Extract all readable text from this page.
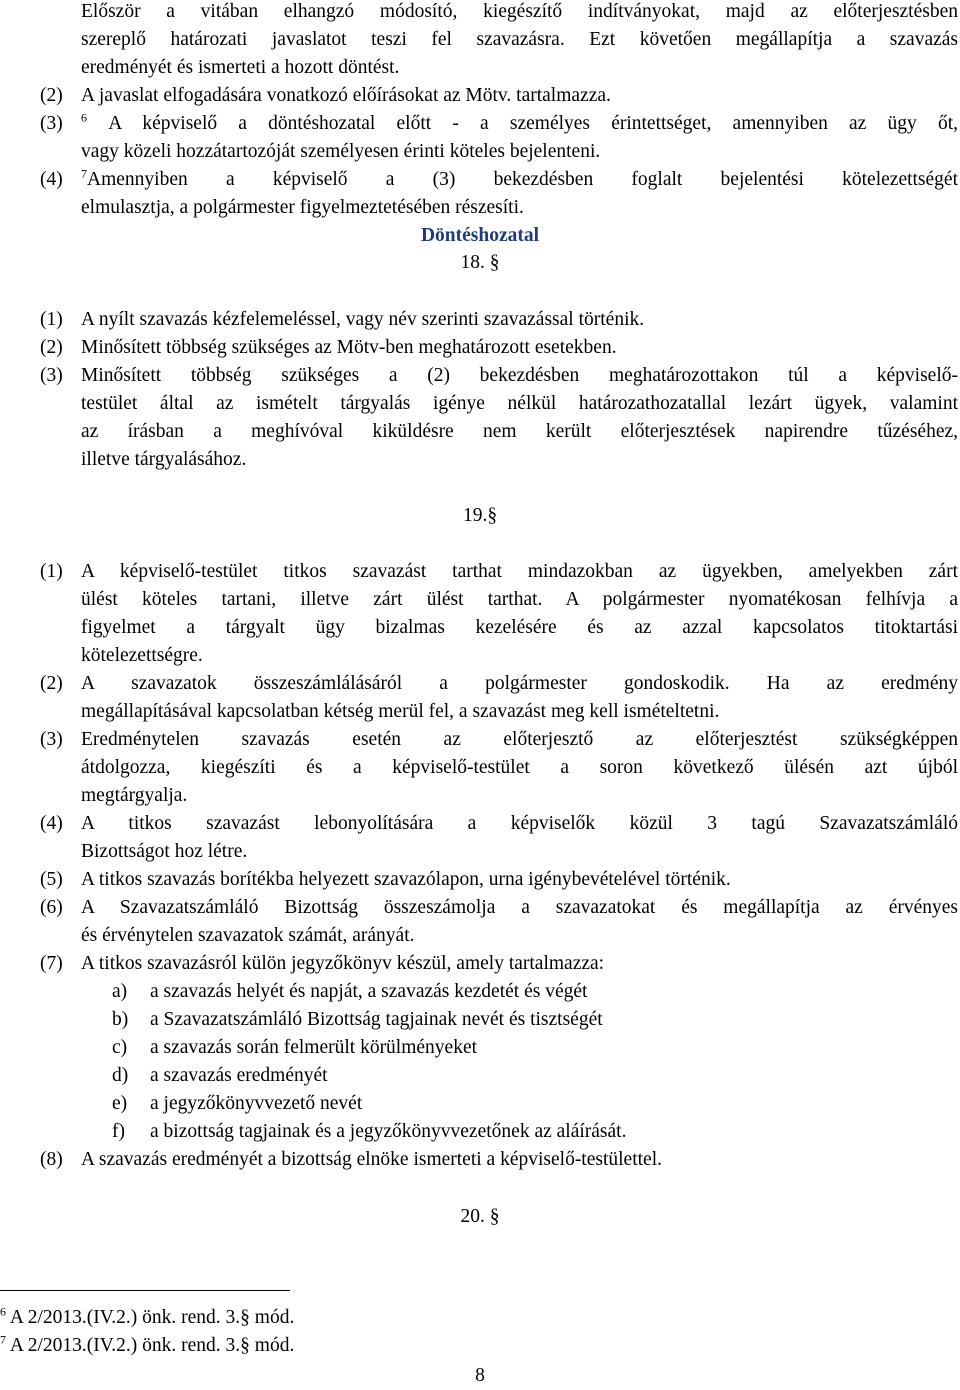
Először a vitában elhangzó módosító, kiegészítő indítványokat, majd az előterjesztésben
szereplő határozati javaslatot teszi fel szavazásra. Ezt követően megállapítja a szavazás
eredményét és ismerteti a hozott döntést.
(2) A javaslat elfogadására vonatkozó előírásokat az Mötv. tartalmazza.
(3) $^6$ A képviselő a döntéshozatal előtt - a személyes érintettséget, amennyiben az ügy őt,
vagy közeli hozzátartozóját személyesen érinti köteles bejelenteni.
(4) $^7$Amennyiben a képviselő a (3) bekezdésben foglalt bejelentési kötelezettségét
elmulasztja, a polgármester figyelmeztetésében részesíti.
Döntéshozatal
18. §
(1) A nyílt szavazás kézfelemeléssel, vagy név szerinti szavazással történik.
(2) Minősített többség szükséges az Mötv-ben meghatározott esetekben.
(3) Minősített többség szükséges a (2) bekezdésben meghatározottakon túl a képviselő-
testület által az ismételt tárgyalás igénye nélkül határozathozatallal lezárt ügyek, valamint
az írásban a meghívóval kiküldésre nem került előterjesztések napirendre tűzéséhez,
illetve tárgyalásához.
19.§
(1) A képviselő-testület titkos szavazást tarthat mindazokban az ügyekben, amelyekben zárt
ülést köteles tartani, illetve zárt ülést tarthat. A polgármester nyomatékosan felhívja a
figyelmet a tárgyalt ügy bizalmas kezelésére és az azzal kapcsolatos titoktartási
kötelezettségre.
(2) A szavazatok összeszámlálásáról a polgármester gondoskodik. Ha az eredmény
megállapításával kapcsolatban kétség merül fel, a szavazást meg kell ismételtetni.
(3) Eredménytelen szavazás esetén az előterjesztő az előterjesztést szükségképpen
átdolgozza, kiegészíti és a képviselő-testület a soron következő ülésén azt újból
megtárgyalja.
(4) A titkos szavazást lebonyolítására a képviselők közül 3 tagú Szavazatszámláló
Bizottságot hoz létre.
(5) A titkos szavazás borítékba helyezett szavazólapon, urna igénybevételével történik.
(6) A Szavazatszámláló Bizottság összeszámolja a szavazatokat és megállapítja az érvényes
és érvénytelen szavazatok számát, arányát.
(7) A titkos szavazásról külön jegyzőkönyv készül, amely tartalmazza:
a) a szavazás helyét és napját, a szavazás kezdetét és végét
b) a Szavazatszámláló Bizottság tagjainak nevét és tisztségét
c) a szavazás során felmerült körülményeket
d) a szavazás eredményét
e) a jegyzőkönyvvezető nevét
f) a bizottság tagjainak és a jegyzőkönyvvezetőnek az aláírását.
(8) A szavazás eredményét a bizottság elnöke ismerteti a képviselő-testülettel.
20. §
$^6$ A 2/2013.(IV.2.) önk. rend. 3.§ mód.
$^7$ A 2/2013.(IV.2.) önk. rend. 3.§ mód.
8
